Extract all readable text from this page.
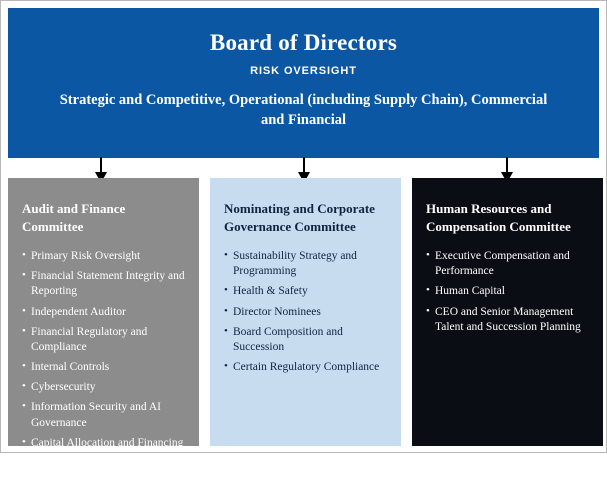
Board of Directors
RISK OVERSIGHT
Strategic and Competitive, Operational (including Supply Chain), Commercial and Financial
Audit and Finance Committee
• Primary Risk Oversight
• Financial Statement Integrity and Reporting
• Independent Auditor
• Financial Regulatory and Compliance
• Internal Controls
• Cybersecurity
• Information Security and AI Governance
• Capital Allocation and Financing
• ERM
• Ethics Program
Nominating and Corporate Governance Committee
• Sustainability Strategy and Programming
• Health & Safety
• Director Nominees
• Board Composition and Succession
• Certain Regulatory Compliance
Human Resources and Compensation Committee
• Executive Compensation and Performance
• Human Capital
• CEO and Senior Management Talent and Succession Planning
